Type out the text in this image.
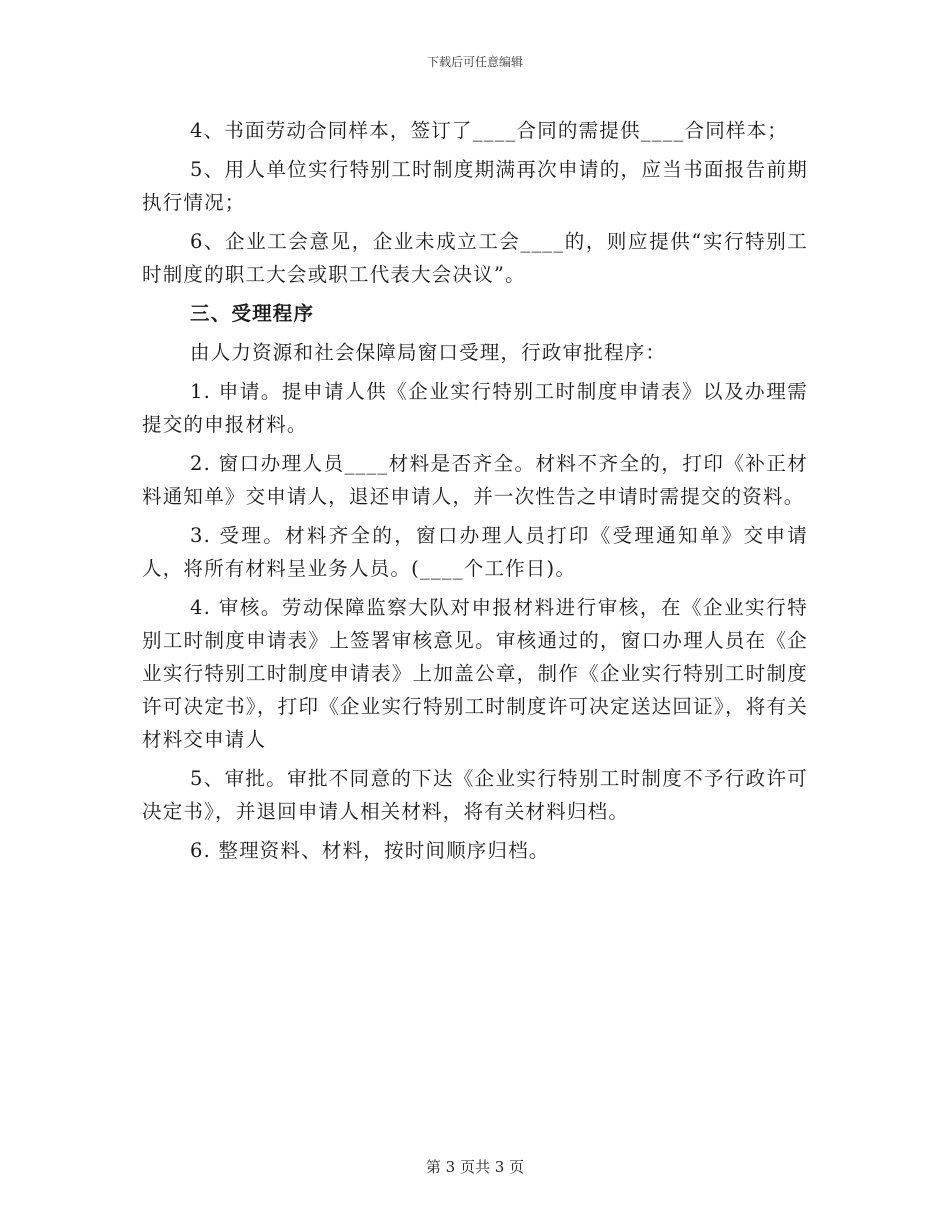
下载后可任意编辑

4、书面劳动合同样本，签订了____合同的需提供____合同样本；

5、用人单位实行特别工时制度期满再次申请的，应当书面报告前期执行情况；

6、企业工会意见，企业未成立工会____的，则应提供“实行特别工时制度的职工大会或职工代表大会决议”。

三、受理程序

由人力资源和社会保障局窗口受理，行政审批程序：

1. 申请。提申请人供《企业实行特别工时制度申请表》以及办理需提交的申报材料。

2. 窗口办理人员____材料是否齐全。材料不齐全的，打印《补正材料通知单》交申请人，退还申请人，并一次性告之申请时需提交的资料。

3. 受理。材料齐全的，窗口办理人员打印《受理通知单》交申请人，将所有材料呈业务人员。(____个工作日)。

4. 审核。劳动保障监察大队对申报材料进行审核，在《企业实行特别工时制度申请表》上签署审核意见。审核通过的，窗口办理人员在《企业实行特别工时制度申请表》上加盖公章，制作《企业实行特别工时制度许可决定书》，打印《企业实行特别工时制度许可决定送达回证》，将有关材料交申请人

5、审批。审批不同意的下达《企业实行特别工时制度不予行政许可决定书》，并退回申请人相关材料，将有关材料归档。

6. 整理资料、材料，按时间顺序归档。

第 3 页共 3 页
